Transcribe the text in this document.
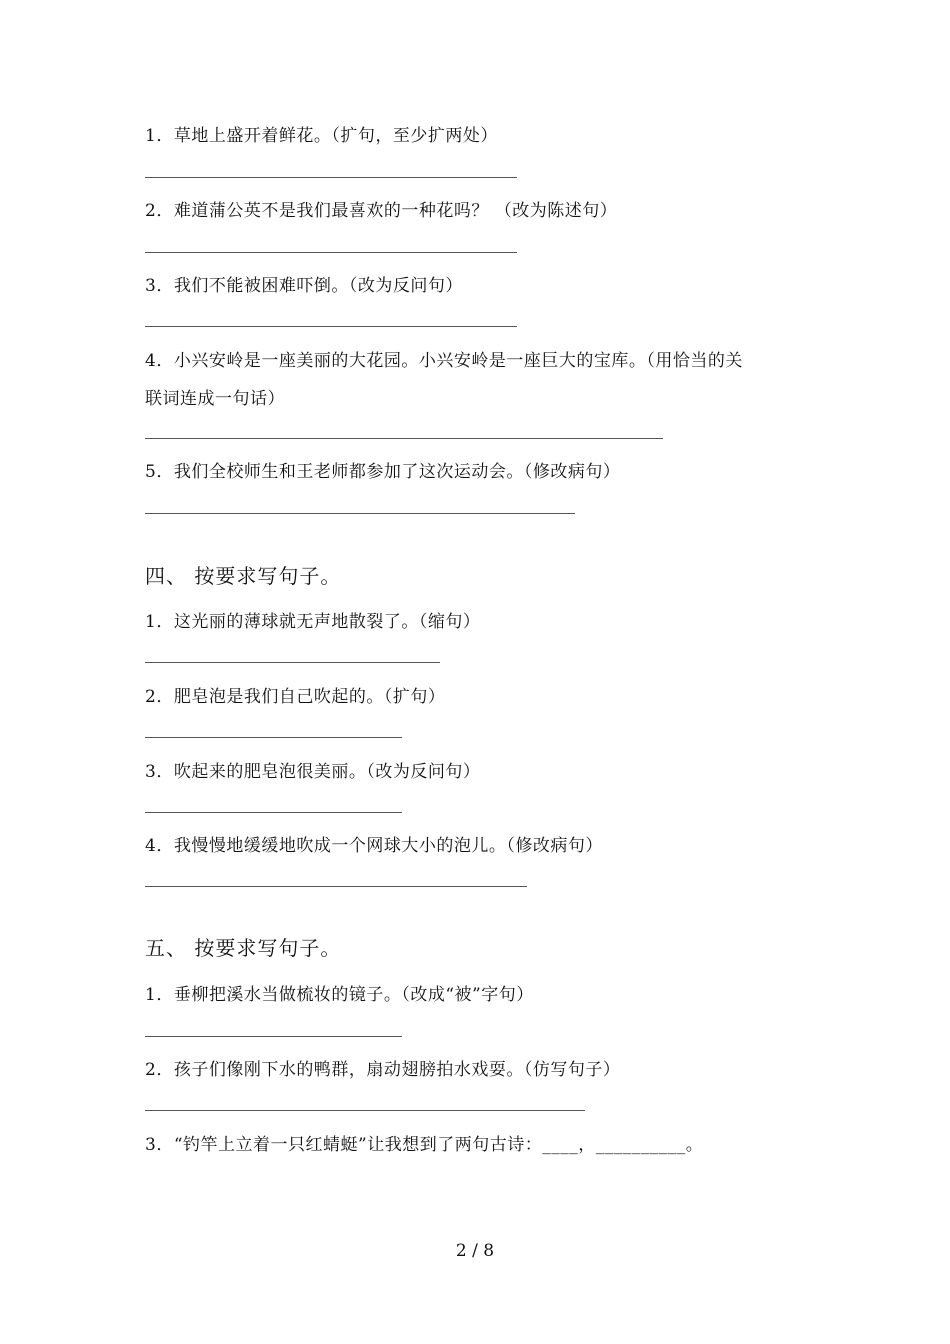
1．草地上盛开着鲜花。（扩句，至少扩两处）
2．难道蒲公英不是我们最喜欢的一种花吗？ （改为陈述句）
3．我们不能被困难吓倒。（改为反问句）
4．小兴安岭是一座美丽的大花园。小兴安岭是一座巨大的宝库。（用恰当的关
联词连成一句话）
5．我们全校师生和王老师都参加了这次运动会。（修改病句）
四、 按要求写句子。
1．这光丽的薄球就无声地散裂了。（缩句）
2．肥皂泡是我们自己吹起的。（扩句）
3．吹起来的肥皂泡很美丽。（改为反问句）
4．我慢慢地缓缓地吹成一个网球大小的泡儿。（修改病句）
五、 按要求写句子。
1．垂柳把溪水当做梳妆的镜子。（改成“被”字句）
2．孩子们像刚下水的鸭群，扇动翅膀拍水戏耍。（仿写句子）
3．“钓竿上立着一只红蜻蜓”让我想到了两句古诗：____，__________。
2 / 8
